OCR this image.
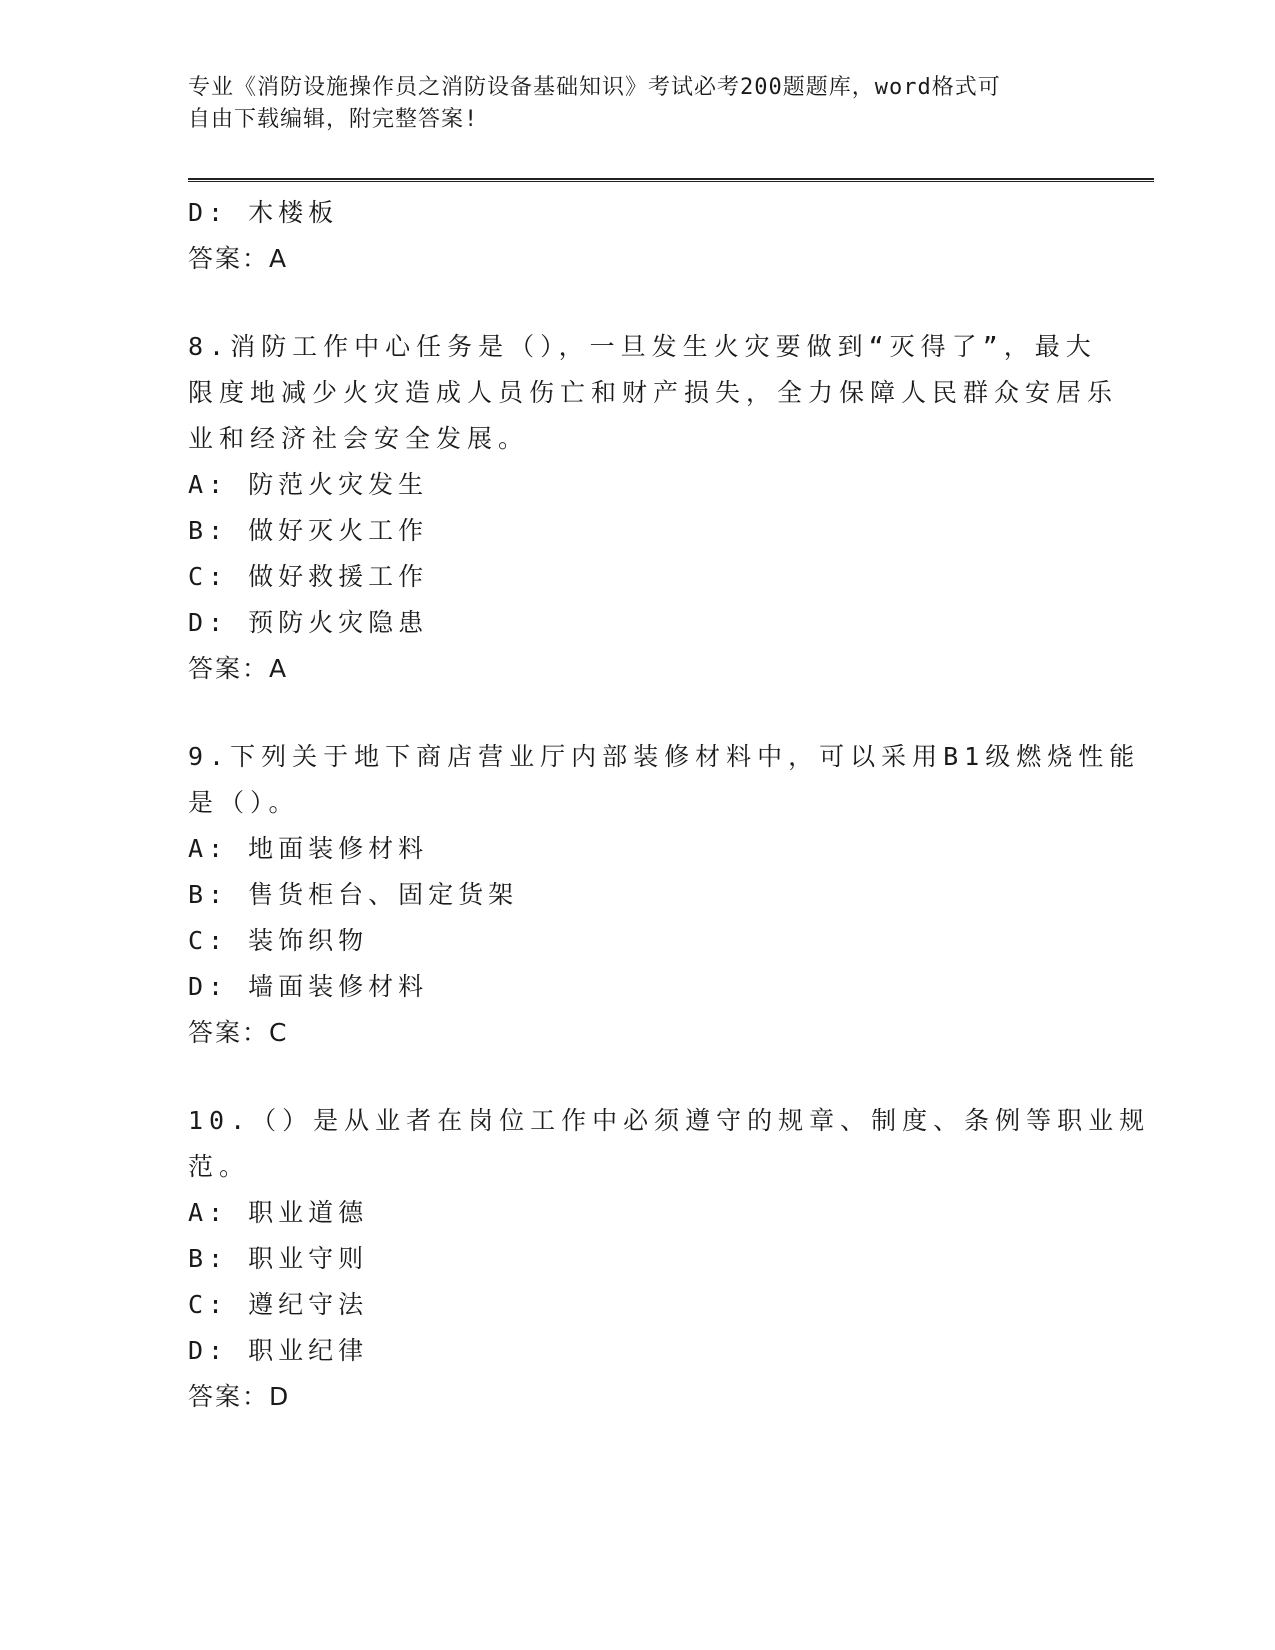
专业《消防设施操作员之消防设备基础知识》考试必考200题题库，word格式可
自由下载编辑，附完整答案!
D: 木楼板
答案：A
8.消防工作中心任务是（），一旦发生火灾要做到“灭得了”，最大
限度地减少火灾造成人员伤亡和财产损失，全力保障人民群众安居乐
业和经济社会安全发展。
A: 防范火灾发生
B: 做好灭火工作
C: 做好救援工作
D: 预防火灾隐患
答案：A
9.下列关于地下商店营业厅内部装修材料中，可以采用B1级燃烧性能
是（）。
A: 地面装修材料
B: 售货柜台、固定货架
C: 装饰织物
D: 墙面装修材料
答案：C
10.（）是从业者在岗位工作中必须遵守的规章、制度、条例等职业规
范。
A: 职业道德
B: 职业守则
C: 遵纪守法
D: 职业纪律
答案：D
